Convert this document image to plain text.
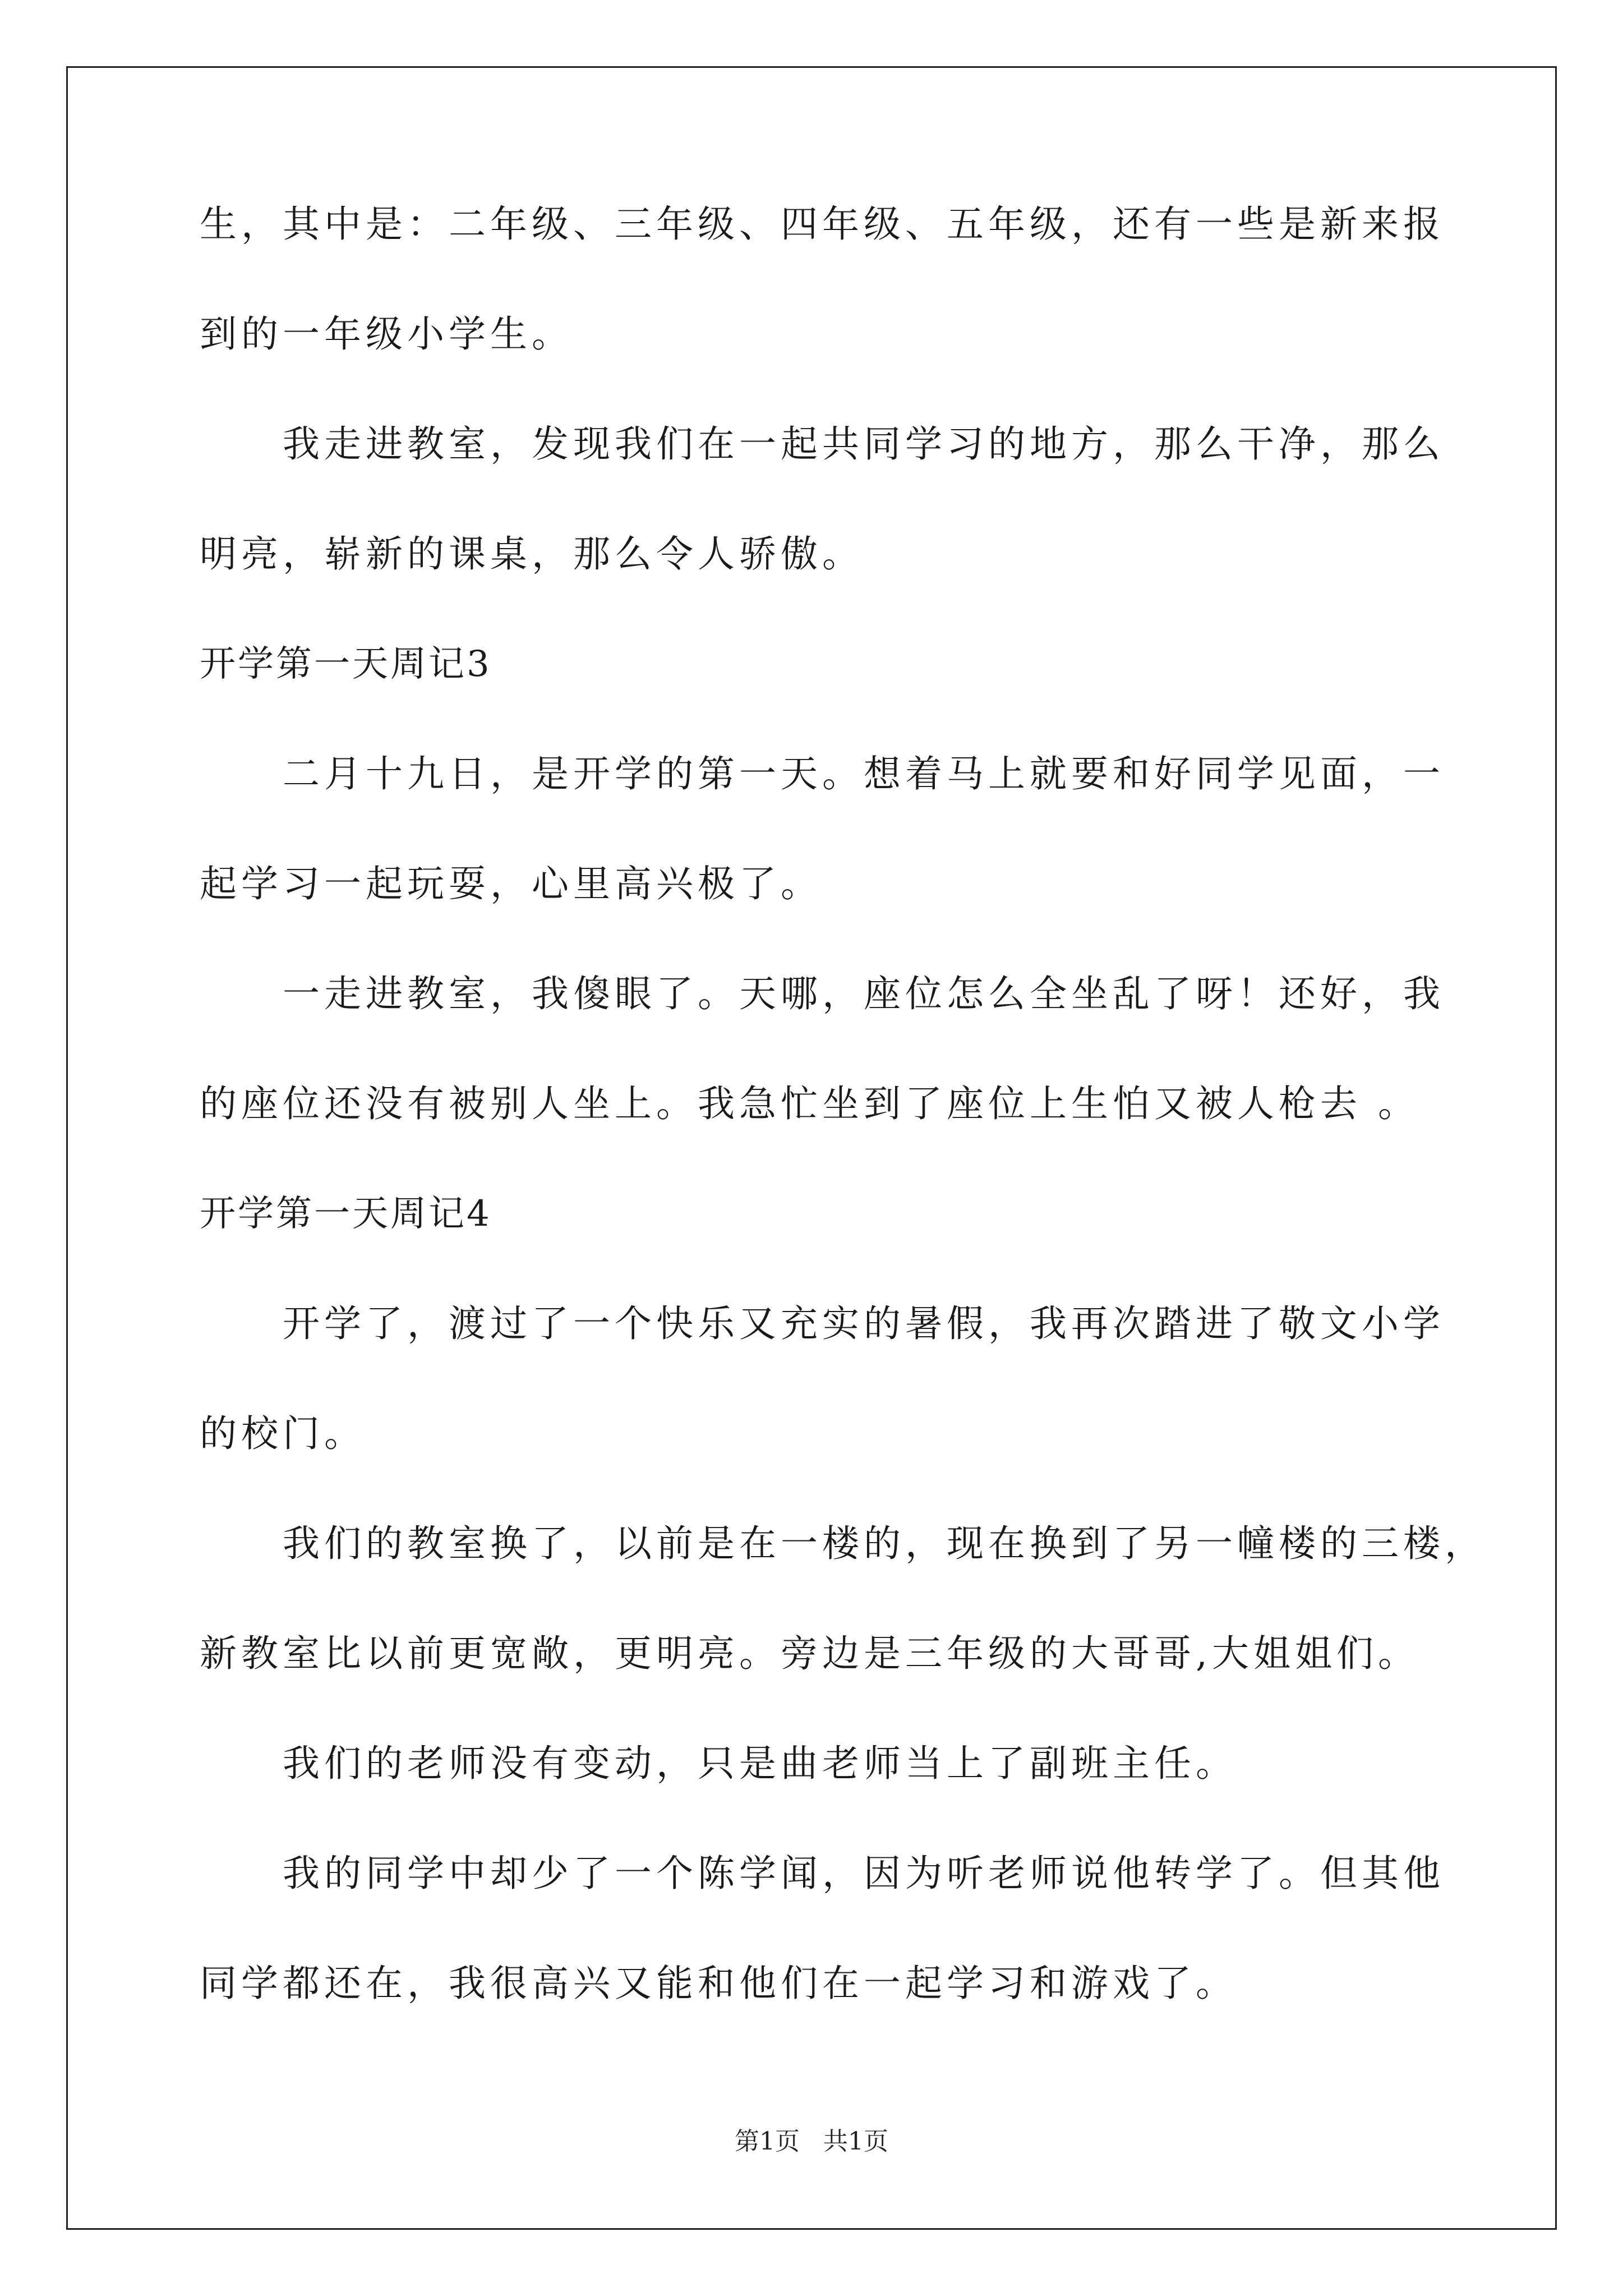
生，其中是：二年级、三年级、四年级、五年级，还有一些是新来报
到的一年级小学生。
我走进教室，发现我们在一起共同学习的地方，那么干净，那么
明亮，崭新的课桌，那么令人骄傲。
开学第一天周记3
二月十九日，是开学的第一天。想着马上就要和好同学见面，一
起学习一起玩耍，心里高兴极了。
一走进教室，我傻眼了。天哪，座位怎么全坐乱了呀！还好，我
的座位还没有被别人坐上。我急忙坐到了座位上生怕又被人枪去 。
开学第一天周记4
开学了，渡过了一个快乐又充实的暑假，我再次踏进了敬文小学
的校门。
我们的教室换了，以前是在一楼的，现在换到了另一幢楼的三楼，
新教室比以前更宽敞，更明亮。旁边是三年级的大哥哥,大姐姐们。
我们的老师没有变动，只是曲老师当上了副班主任。
我的同学中却少了一个陈学闻，因为听老师说他转学了。但其他
同学都还在，我很高兴又能和他们在一起学习和游戏了。
第1页 共1页
